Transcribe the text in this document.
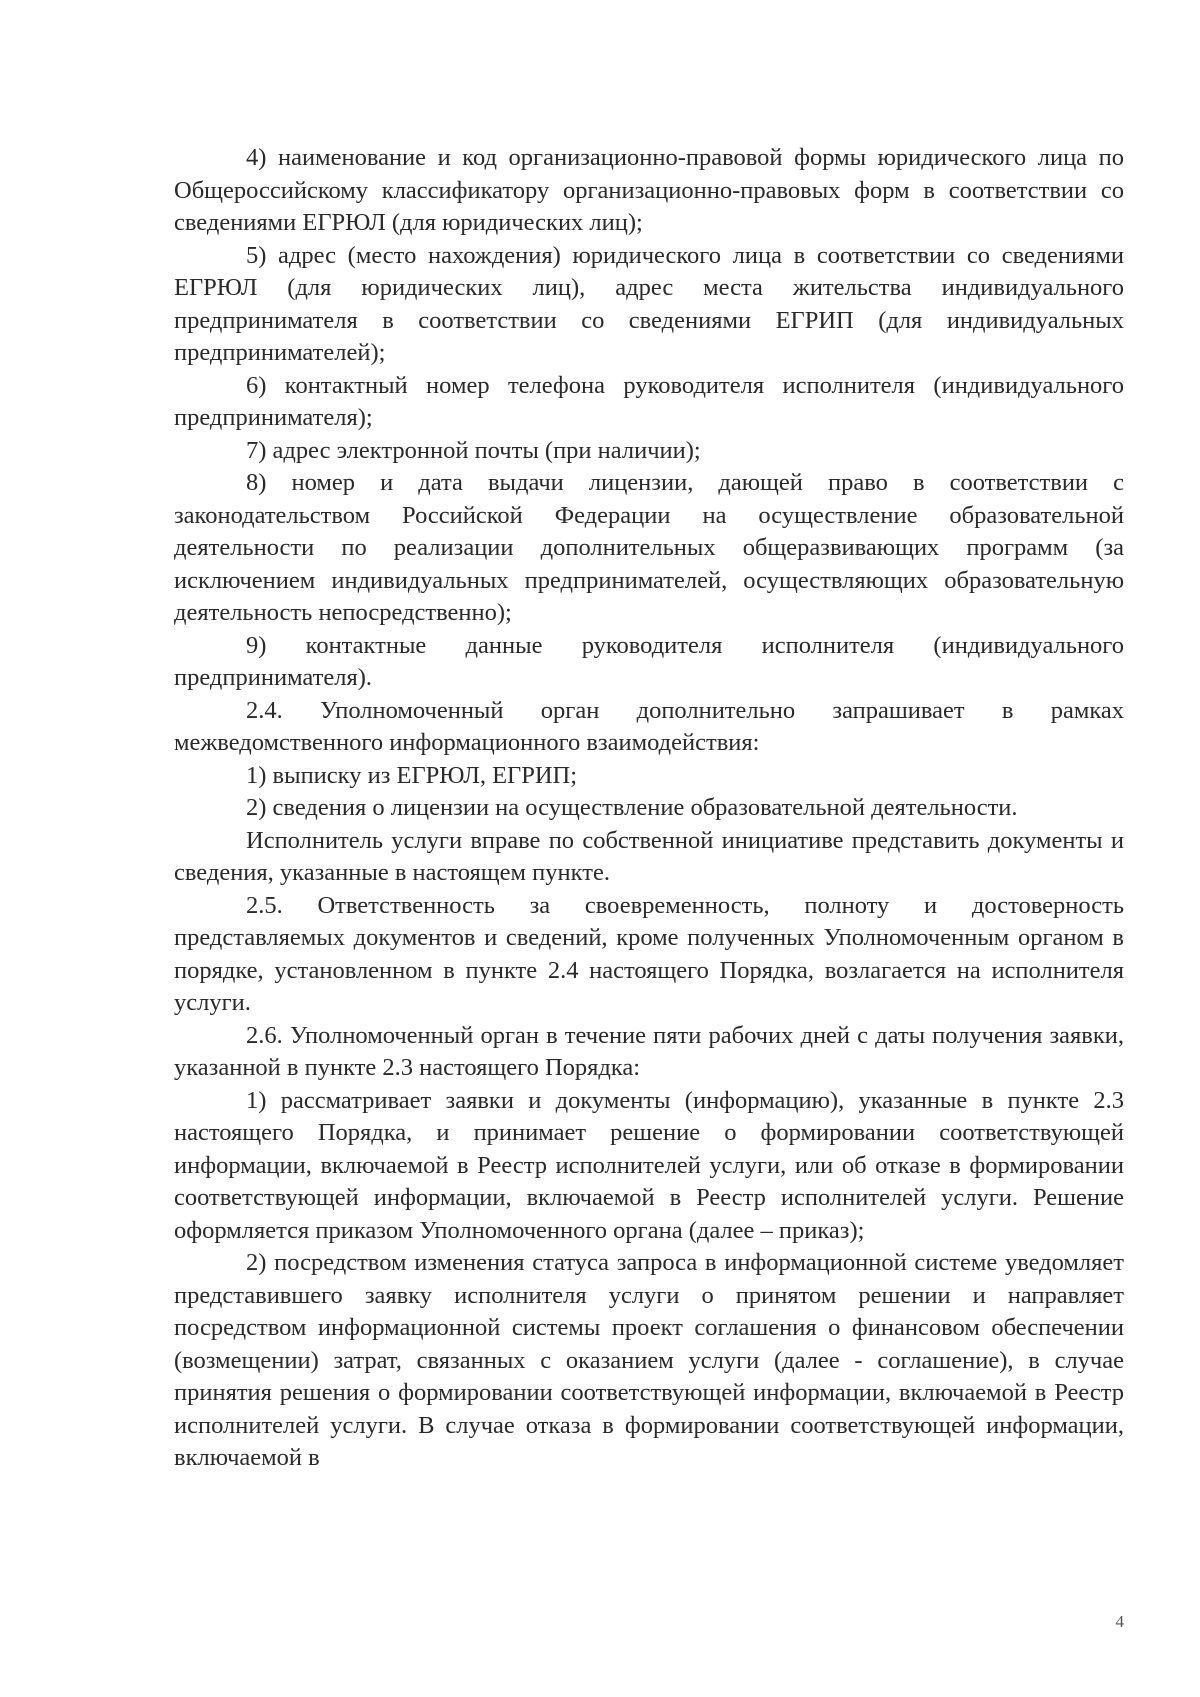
4) наименование и код организационно-правовой формы юридического лица по Общероссийскому классификатору организационно-правовых форм в соответствии со сведениями ЕГРЮЛ (для юридических лиц);

5) адрес (место нахождения) юридического лица в соответствии со сведениями ЕГРЮЛ (для юридических лиц), адрес места жительства индивидуального предпринимателя в соответствии со сведениями ЕГРИП (для индивидуальных предпринимателей);

6) контактный номер телефона руководителя исполнителя (индивидуального предпринимателя);

7) адрес электронной почты (при наличии);

8) номер и дата выдачи лицензии, дающей право в соответствии с законодательством Российской Федерации на осуществление образовательной деятельности по реализации дополнительных общеразвивающих программ (за исключением индивидуальных предпринимателей, осуществляющих образовательную деятельность непосредственно);

9) контактные данные руководителя исполнителя (индивидуального предпринимателя).

2.4. Уполномоченный орган дополнительно запрашивает в рамках межведомственного информационного взаимодействия:

1) выписку из ЕГРЮЛ, ЕГРИП;

2) сведения о лицензии на осуществление образовательной деятельности.

Исполнитель услуги вправе по собственной инициативе представить документы и сведения, указанные в настоящем пункте.

2.5. Ответственность за своевременность, полноту и достоверность представляемых документов и сведений, кроме полученных Уполномоченным органом в порядке, установленном в пункте 2.4 настоящего Порядка, возлагается на исполнителя услуги.

2.6. Уполномоченный орган в течение пяти рабочих дней с даты получения заявки, указанной в пункте 2.3 настоящего Порядка:

1) рассматривает заявки и документы (информацию), указанные в пункте 2.3 настоящего Порядка, и принимает решение о формировании соответствующей информации, включаемой в Реестр исполнителей услуги, или об отказе в формировании соответствующей информации, включаемой в Реестр исполнителей услуги. Решение оформляется приказом Уполномоченного органа (далее – приказ);

2) посредством изменения статуса запроса в информационной системе уведомляет представившего заявку исполнителя услуги о принятом решении и направляет посредством информационной системы проект соглашения о финансовом обеспечении (возмещении) затрат, связанных с оказанием услуги (далее - соглашение), в случае принятия решения о формировании соответствующей информации, включаемой в Реестр исполнителей услуги. В случае отказа в формировании соответствующей информации, включаемой в

4
